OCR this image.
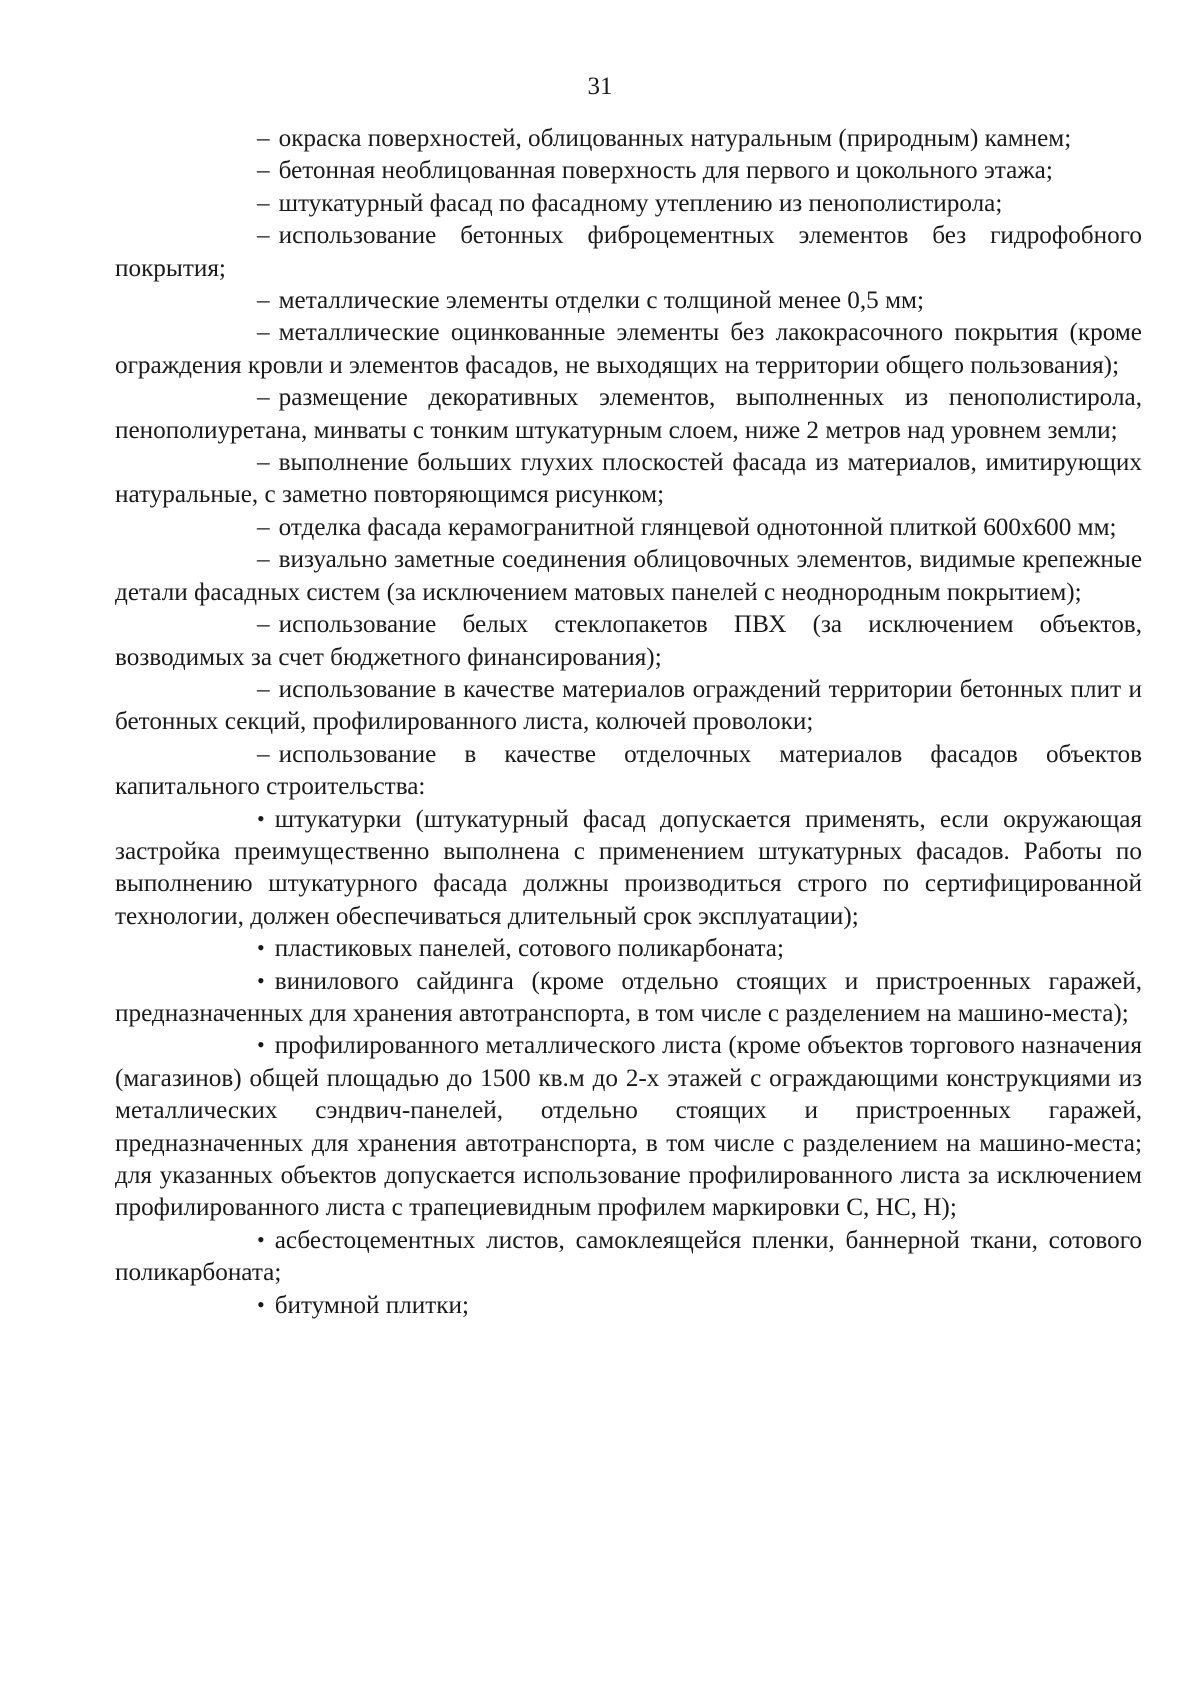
31

– окраска поверхностей, облицованных натуральным (природным) камнем;

– бетонная необлицованная поверхность для первого и цокольного этажа;

– штукатурный фасад по фасадному утеплению из пенополистирола;

– использование бетонных фиброцементных элементов без гидрофобного покрытия;

– металлические элементы отделки с толщиной менее 0,5 мм;

– металлические оцинкованные элементы без лакокрасочного покрытия (кроме ограждения кровли и элементов фасадов, не выходящих на территории общего пользования);

– размещение декоративных элементов, выполненных из пенополистирола, пенополиуретана, минваты с тонким штукатурным слоем, ниже 2 метров над уровнем земли;

– выполнение больших глухих плоскостей фасада из материалов, имитирующих натуральные, с заметно повторяющимся рисунком;

– отделка фасада керамогранитной глянцевой однотонной плиткой 600х600 мм;

– визуально заметные соединения облицовочных элементов, видимые крепежные детали фасадных систем (за исключением матовых панелей с неоднородным покрытием);

– использование белых стеклопакетов ПВХ (за исключением объектов, возводимых за счет бюджетного финансирования);

– использование в качестве материалов ограждений территории бетонных плит и бетонных секций, профилированного листа, колючей проволоки;

– использование в качестве отделочных материалов фасадов объектов капитального строительства:

• штукатурки (штукатурный фасад допускается применять, если окружающая застройка преимущественно выполнена с применением штукатурных фасадов. Работы по выполнению штукатурного фасада должны производиться строго по сертифицированной технологии, должен обеспечиваться длительный срок эксплуатации);

• пластиковых панелей, сотового поликарбоната;

• винилового сайдинга (кроме отдельно стоящих и пристроенных гаражей, предназначенных для хранения автотранспорта, в том числе с разделением на машино-места);

• профилированного металлического листа (кроме объектов торгового назначения (магазинов) общей площадью до 1500 кв.м до 2-х этажей с ограждающими конструкциями из металлических сэндвич-панелей, отдельно стоящих и пристроенных гаражей, предназначенных для хранения автотранспорта, в том числе с разделением на машино-места; для указанных объектов допускается использование профилированного листа за исключением профилированного листа с трапециевидным профилем маркировки С, НС, Н);

• асбестоцементных листов, самоклеящейся пленки, баннерной ткани, сотового поликарбоната;

• битумной плитки;
